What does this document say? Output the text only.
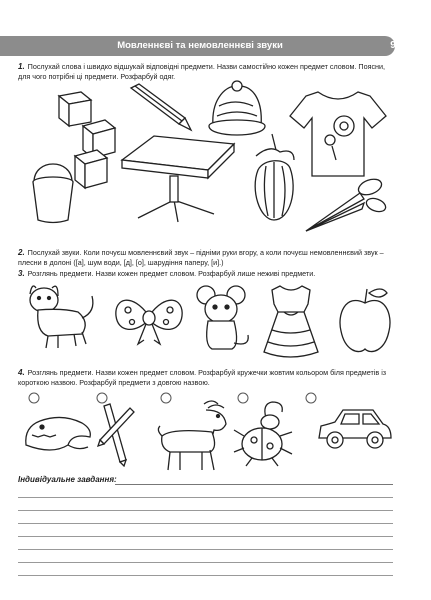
Мовленнєві та немовленнєві звуки	9
1. Послухай слова і швидко відшукай відповідні предмети. Назви самостійно кожен предмет словом. Поясни, для чого потрібні ці предмети. Розфарбуй одяг.
2. Послухай звуки. Коли почуєш мовленнєвий звук – підніми руки вгору, а коли почуєш немовленнєвий звук – плесни в долоні ([а], шум води, [д], [о], шарудіння паперу, [и].)
3. Розглянь предмети. Назви кожен предмет словом. Розфарбуй лише неживі предмети.
4. Розглянь предмети. Назви кожен предмет словом. Розфарбуй кружечки жовтим кольором біля предметів із короткою назвою. Розфарбуй предмети з довгою назвою.
Індивідуальне завдання:
